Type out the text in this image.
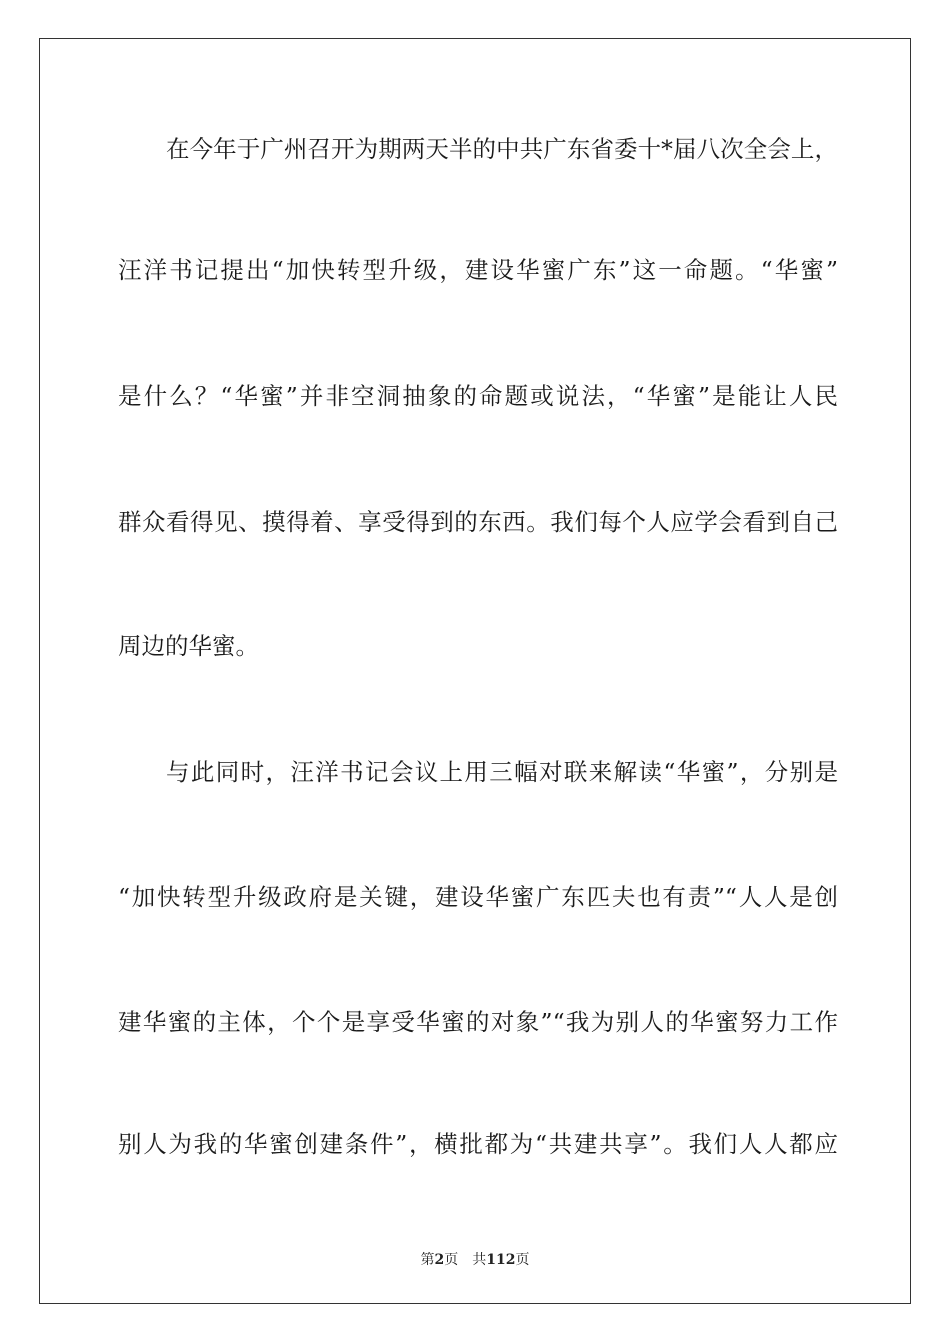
在今年于广州召开为期两天半的中共广东省委十*届八次全会上，
汪洋书记提出“加快转型升级，建设华蜜广东”这一命题。“华蜜”
是什么？“华蜜”并非空洞抽象的命题或说法，“华蜜”是能让人民
群众看得见、摸得着、享受得到的东西。我们每个人应学会看到自己
周边的华蜜。
与此同时，汪洋书记会议上用三幅对联来解读“华蜜”，分别是
“加快转型升级政府是关键，建设华蜜广东匹夫也有责”“人人是创
建华蜜的主体，个个是享受华蜜的对象”“我为别人的华蜜努力工作
别人为我的华蜜创建条件”，横批都为“共建共享”。我们人人都应
第2页 共112页
